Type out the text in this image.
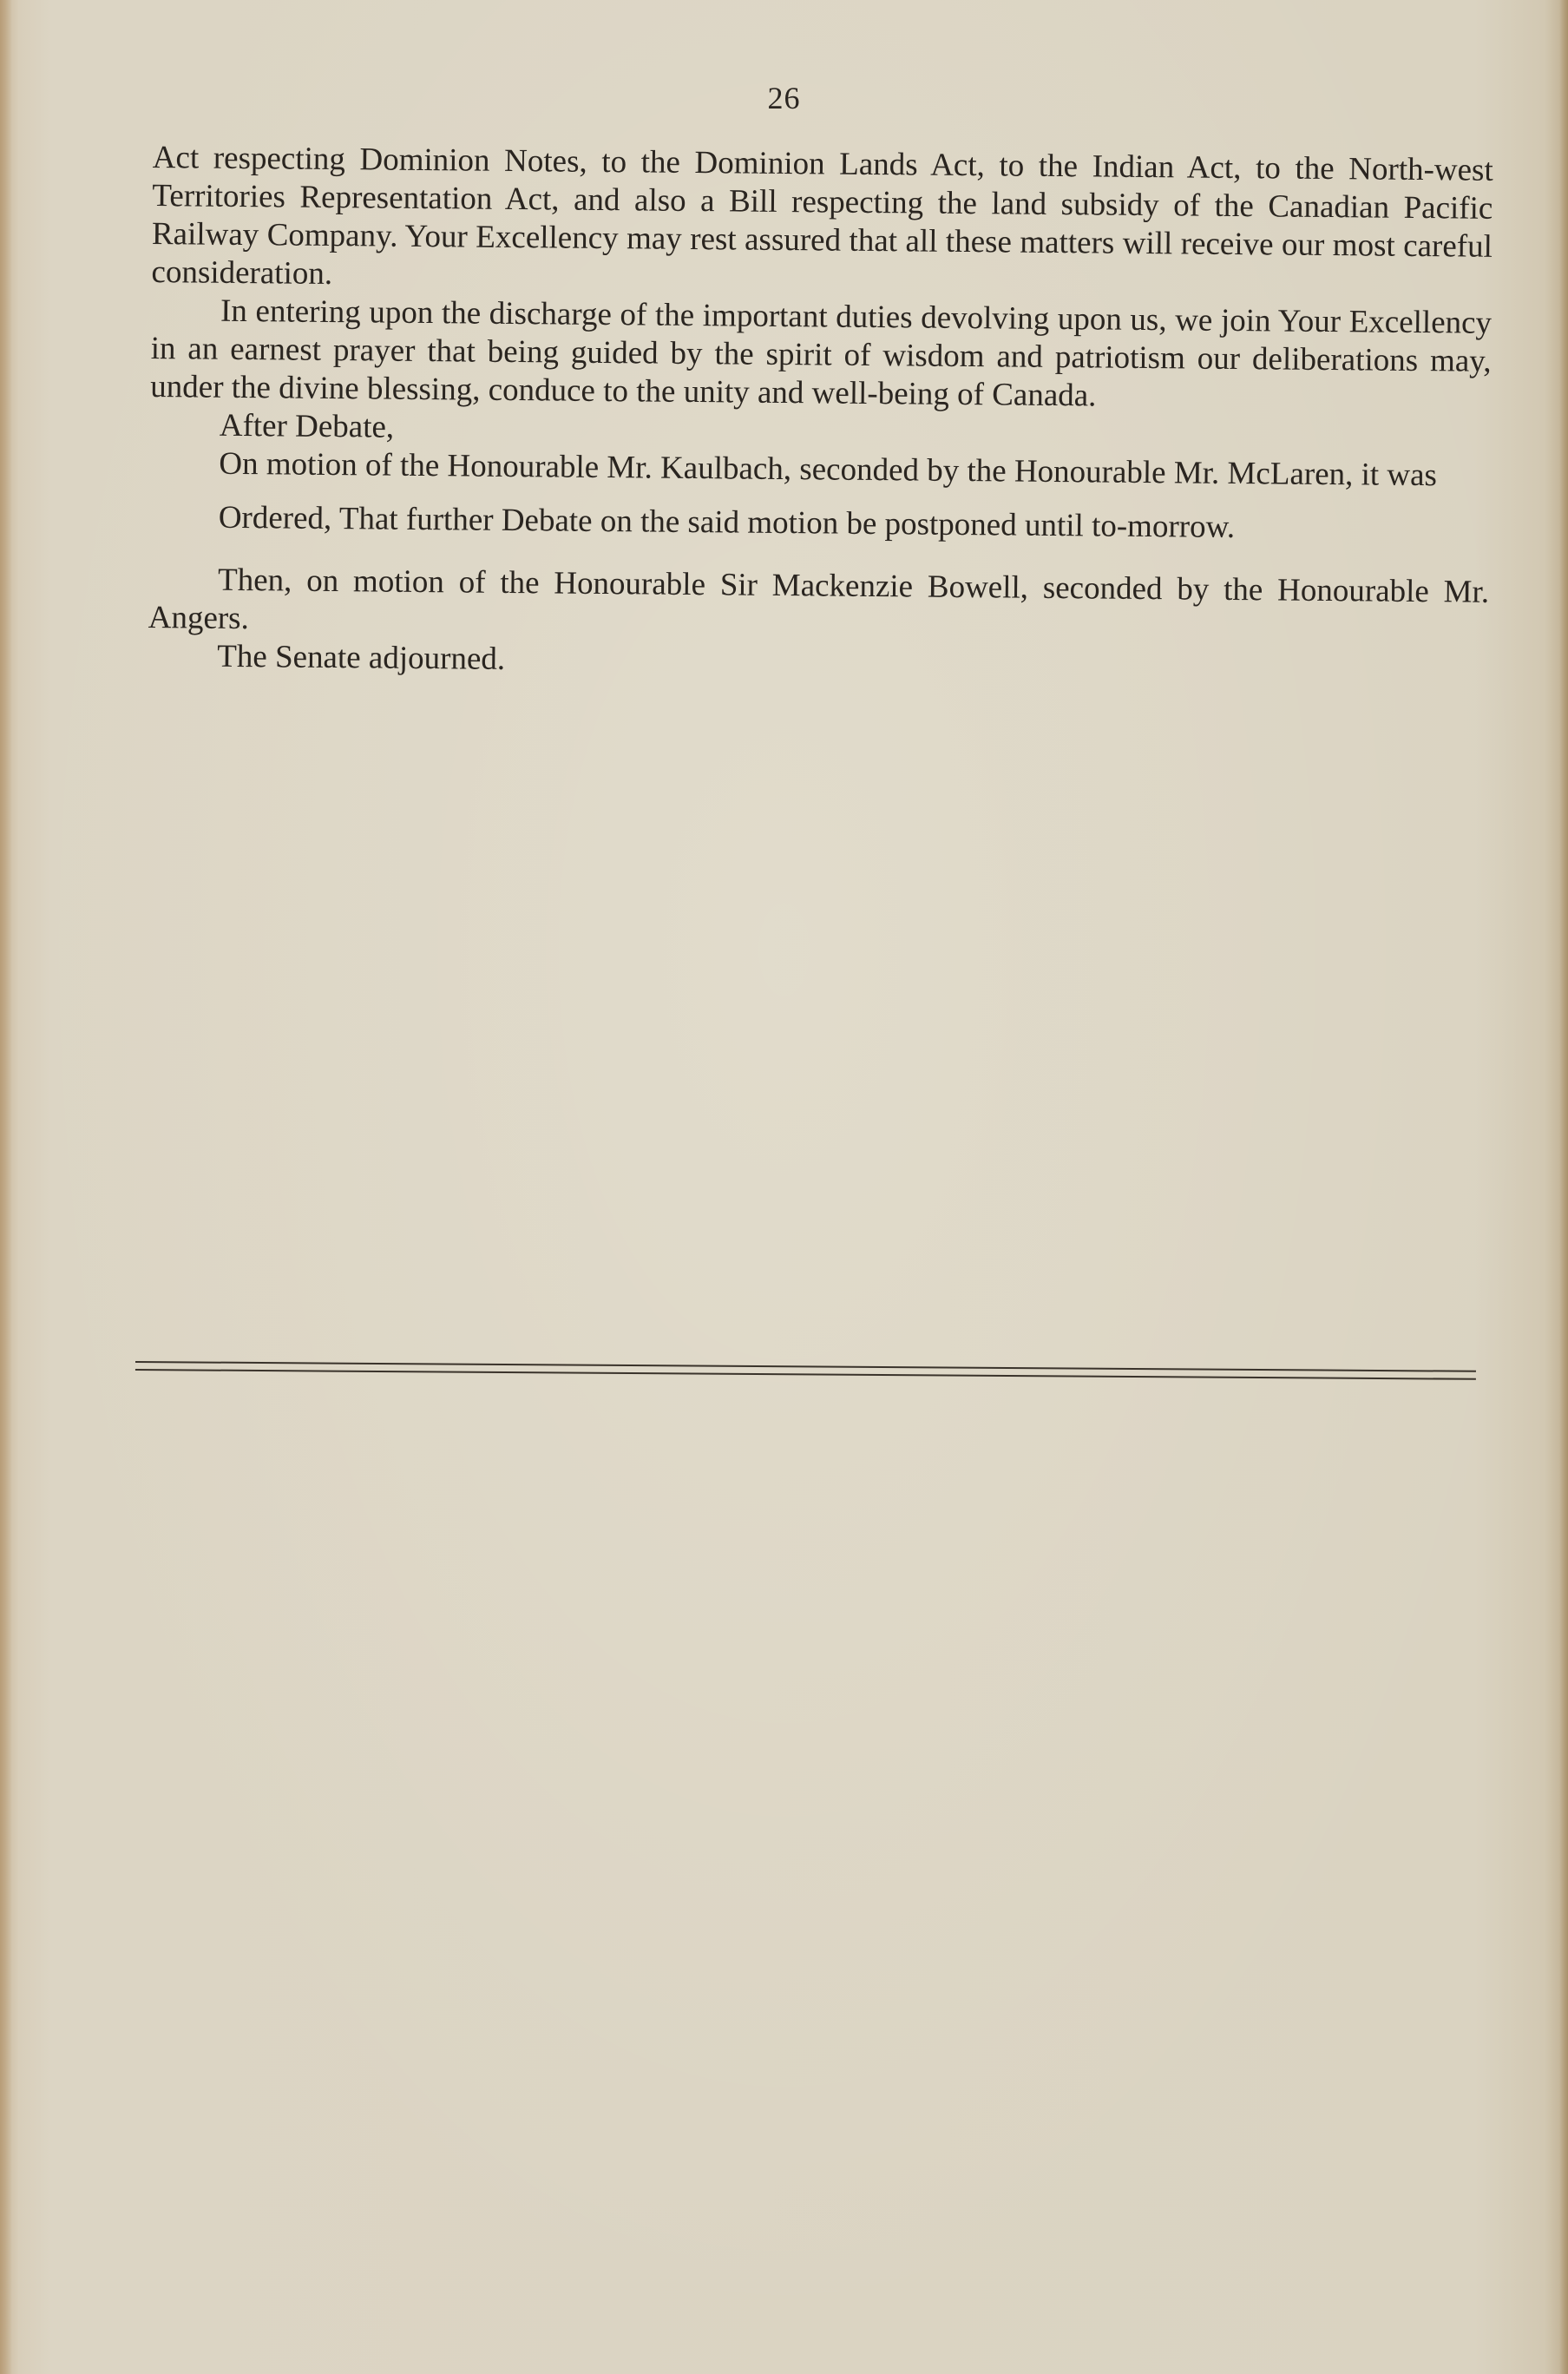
26

Act respecting Dominion Notes, to the Dominion Lands Act, to the Indian Act, to the North-west Territories Representation Act, and also a Bill respecting the land subsidy of the Canadian Pacific Railway Company. Your Excellency may rest assured that all these matters will receive our most careful consideration.

In entering upon the discharge of the important duties devolving upon us, we join Your Excellency in an earnest prayer that being guided by the spirit of wisdom and patriotism our deliberations may, under the divine blessing, conduce to the unity and well-being of Canada.

After Debate,

On motion of the Honourable Mr. Kaulbach, seconded by the Honourable Mr. McLaren, it was

Ordered, That further Debate on the said motion be postponed until to-morrow.

Then, on motion of the Honourable Sir Mackenzie Bowell, seconded by the Honourable Mr. Angers.

The Senate adjourned.
